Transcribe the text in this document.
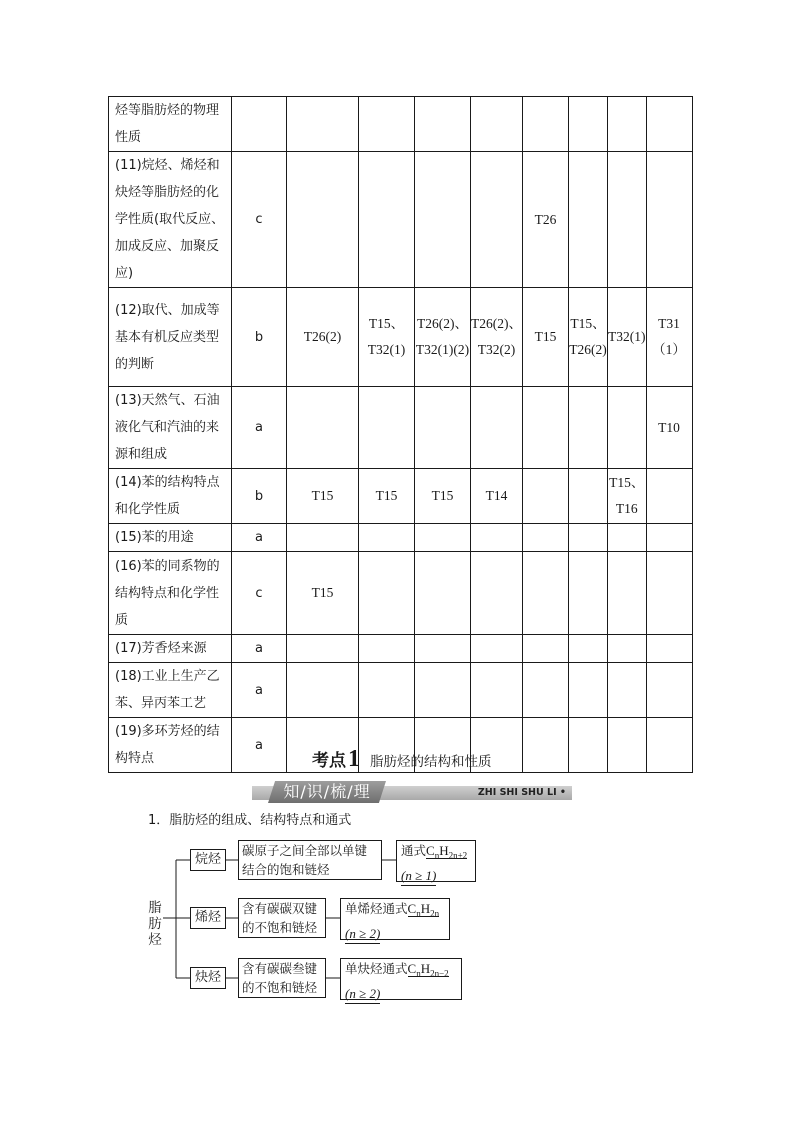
烃等脂肪烃的物理性质									
(11)烷烃、烯烃和炔烃等脂肪烃的化学性质(取代反应、加成反应、加聚反应)	c					T26			
(12)取代、加成等基本有机反应类型的判断	b	T26(2)	T15、T32(1)	T26(2)、T32(1)(2)	T26(2)、T32(2)	T15	T15、T26(2)	T32(1)	T31（1）
(13)天然气、石油液化气和汽油的来源和组成	a								T10
(14)苯的结构特点和化学性质	b	T15	T15	T15	T14			T15、T16	
(15)苯的用途	a								
(16)苯的同系物的结构特点和化学性质	c	T15							
(17)芳香烃来源	a								
(18)工业上生产乙苯、异丙苯工艺	a								
(19)多环芳烃的结构特点	a								
考点 1 脂肪烃的结构和性质
知/识/梳/理	ZHI SHI SHU LI •
1．脂肪烃的组成、结构特点和通式
脂肪烃
烷烃
碳原子之间全部以单键
结合的饱和链烃
通式$C_nH_{2n+2}$
(n ≥ 1)
烯烃
含有碳碳双键
的不饱和链烃
单烯烃通式$C_nH_{2n}$
(n ≥ 2)
炔烃
含有碳碳叁键
的不饱和链烃
单炔烃通式$C_nH_{2n-2}$
(n ≥ 2)
